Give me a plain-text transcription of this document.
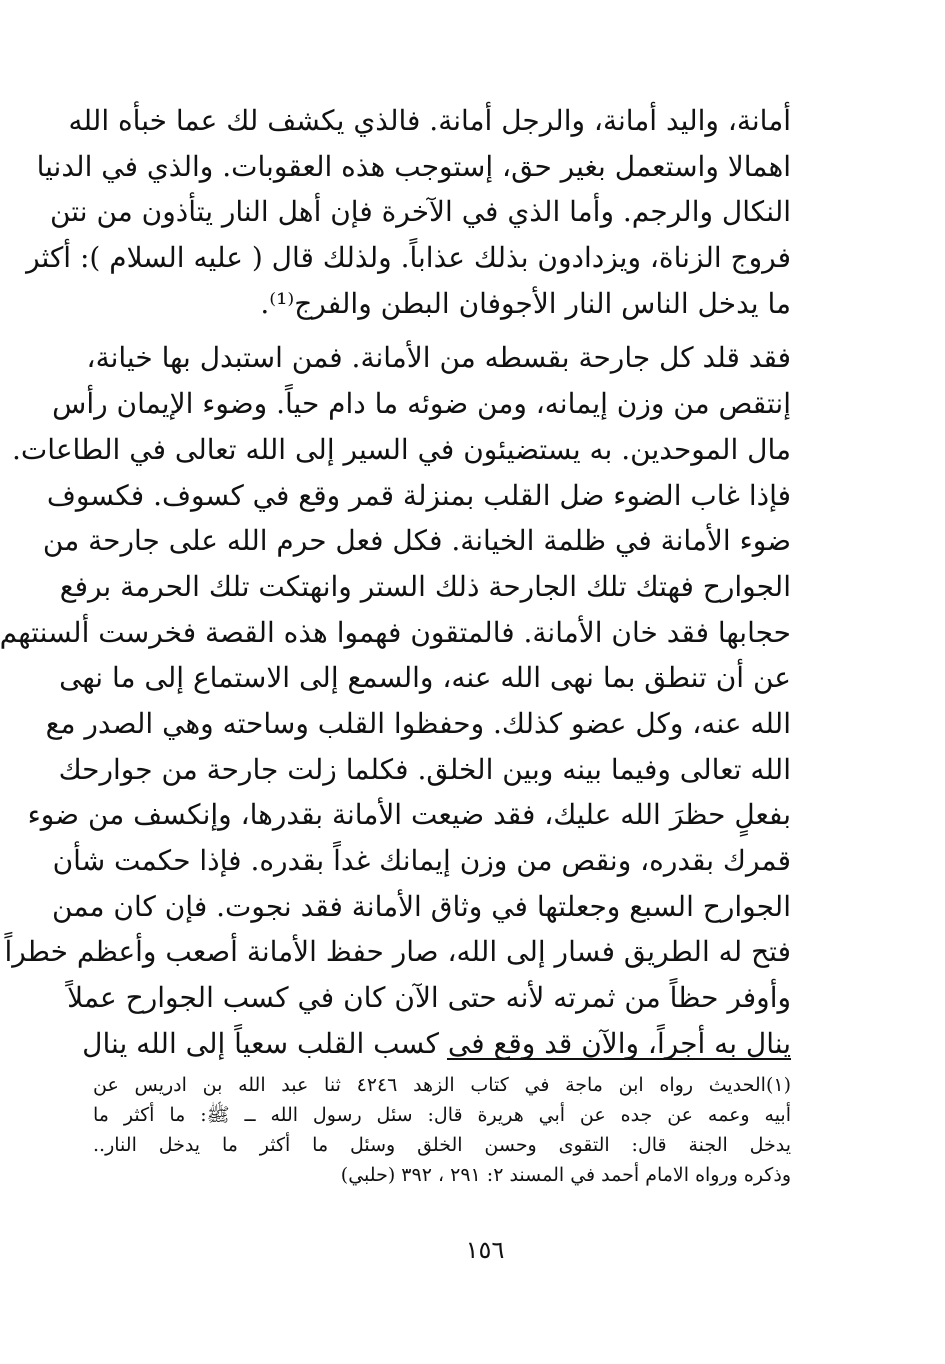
أمانة، واليد أمانة، والرجل أمانة. فالذي يكشف لك عما خبأه الله
اهمالا واستعمل بغير حق، إستوجب هذه العقوبات. والذي في الدنيا
النكال والرجم. وأما الذي في الآخرة فإن أهل النار يتأذون من نتن
فروج الزناة، ويزدادون بذلك عذاباً. ولذلك قال ( عليه السلام ): أكثر
ما يدخل الناس النار الأجوفان البطن والفرج⁽¹⁾.
فقد قلد كل جارحة بقسطه من الأمانة. فمن استبدل بها خيانة،
إنتقص من وزن إيمانه، ومن ضوئه ما دام حياً. وضوء الإيمان رأس
مال الموحدين. به يستضيئون في السير إلى الله تعالى في الطاعات.
فإذا غاب الضوء ضل القلب بمنزلة قمر وقع في كسوف. فكسوف
ضوء الأمانة في ظلمة الخيانة. فكل فعل حرم الله على جارحة من
الجوارح فهتك تلك الجارحة ذلك الستر وانهتكت تلك الحرمة برفع
حجابها فقد خان الأمانة. فالمتقون فهموا هذه القصة فخرست ألسنتهم
عن أن تنطق بما نهى الله عنه، والسمع إلى الاستماع إلى ما نهى
الله عنه، وكل عضو كذلك. وحفظوا القلب وساحته وهي الصدر مع
الله تعالى وفيما بينه وبين الخلق. فكلما زلت جارحة من جوارحك
بفعلٍ حظرَ الله عليك، فقد ضيعت الأمانة بقدرها، وإنكسف من ضوء
قمرك بقدره، ونقص من وزن إيمانك غداً بقدره. فإذا حكمت شأن
الجوارح السبع وجعلتها في وثاق الأمانة فقد نجوت. فإن كان ممن
فتح له الطريق فسار إلى الله، صار حفظ الأمانة أصعب وأعظم خطراً
وأوفر حظاً من ثمرته لأنه حتى الآن كان في كسب الجوارح عملاً
ينال به أجراً، والآن قد وقع في كسب القلب سعياً إلى الله ينال
(١)الحديث رواه ابن ماجة في كتاب الزهد ٤٢٤٦ ثنا عبد الله بن ادريس عن
أبيه وعمه عن جده عن أبي هريرة قال: سئل رسول الله ــ ﷺ: ما أكثر ما
يدخل الجنة قال: التقوى وحسن الخلق وسئل ما أكثر ما يدخل النار..
وذكره ورواه الامام أحمد في المسند ٢: ٢٩١ ، ٣٩٢ (حلبي)
١٥٦
